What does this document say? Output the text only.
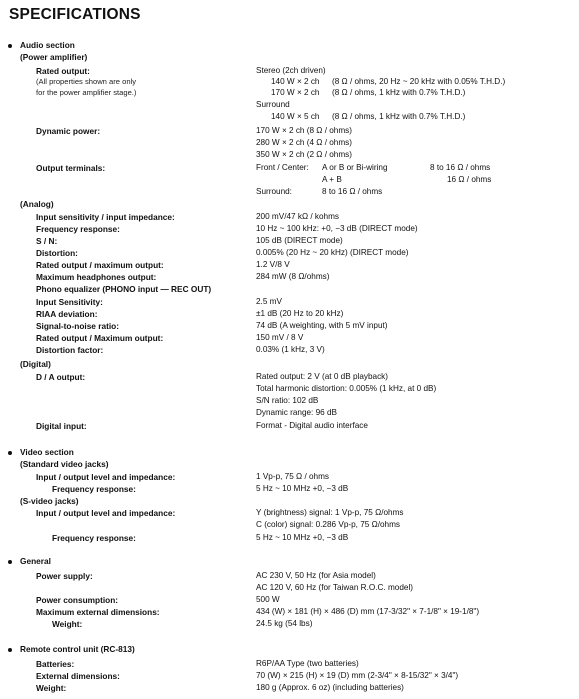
SPECIFICATIONS
Audio section
(Power amplifier)
Rated output:
(All properties shown are only
for the power amplifier stage.)
Stereo (2ch driven)
140 W × 2 ch (8 Ω / ohms, 20 Hz ~ 20 kHz with 0.05% T.H.D.)
170 W × 2 ch (8 Ω / ohms, 1 kHz with 0.7% T.H.D.)
Surround
140 W × 5 ch (8 Ω / ohms, 1 kHz with 0.7% T.H.D.)
Dynamic power:	170 W × 2 ch (8 Ω / ohms)
280 W × 2 ch (4 Ω / ohms)
350 W × 2 ch (2 Ω / ohms)
Output terminals:	Front / Center: A or B or Bi-wiring	8 to 16 Ω / ohms
A + B	16 Ω / ohms
Surround:	8 to 16 Ω / ohms
(Analog)
Input sensitivity / input impedance:	200 mV/47 kΩ / kohms
Frequency response:	10 Hz ~ 100 kHz: +0, −3 dB (DIRECT mode)
S / N:	105 dB (DIRECT mode)
Distortion:	0.005% (20 Hz ~ 20 kHz) (DIRECT mode)
Rated output / maximum output:	1.2 V/8 V
Maximum headphones output:	284 mW (8 Ω/ohms)
Phono equalizer (PHONO input — REC OUT)
Input Sensitivity:	2.5 mV
RIAA deviation:	±1 dB (20 Hz to 20 kHz)
Signal-to-noise ratio:	74 dB (A weighting, with 5 mV input)
Rated output / Maximum output:	150 mV / 8 V
Distortion factor:	0.03% (1 kHz, 3 V)
(Digital)
D / A output:	Rated output: 2 V (at 0 dB playback)
Total harmonic distortion: 0.005% (1 kHz, at 0 dB)
S/N ratio: 102 dB
Dynamic range: 96 dB
Digital input:	Format - Digital audio interface
Video section
(Standard video jacks)
Input / output level and impedance:	1 Vp-p, 75 Ω / ohms
Frequency response:	5 Hz ~ 10 MHz +0, −3 dB
(S-video jacks)
Input / output level and impedance:	Y (brightness) signal: 1 Vp-p, 75 Ω/ohms
C (color) signal: 0.286 Vp-p, 75 Ω/ohms
Frequency response:	5 Hz ~ 10 MHz +0, −3 dB
General
Power supply:	AC 230 V, 50 Hz (for Asia model)
AC 120 V, 60 Hz (for Taiwan R.O.C. model)
Power consumption:	500 W
Maximum external dimensions:	434 (W) × 181 (H) × 486 (D) mm (17-3/32" × 7-1/8" × 19-1/8")
Weight:	24.5 kg (54 lbs)
Remote control unit (RC-813)
Batteries:	R6P/AA Type (two batteries)
External dimensions:	70 (W) × 215 (H) × 19 (D) mm (2-3/4" × 8-15/32" × 3/4")
Weight:	180 g (Approx. 6 oz) (including batteries)
